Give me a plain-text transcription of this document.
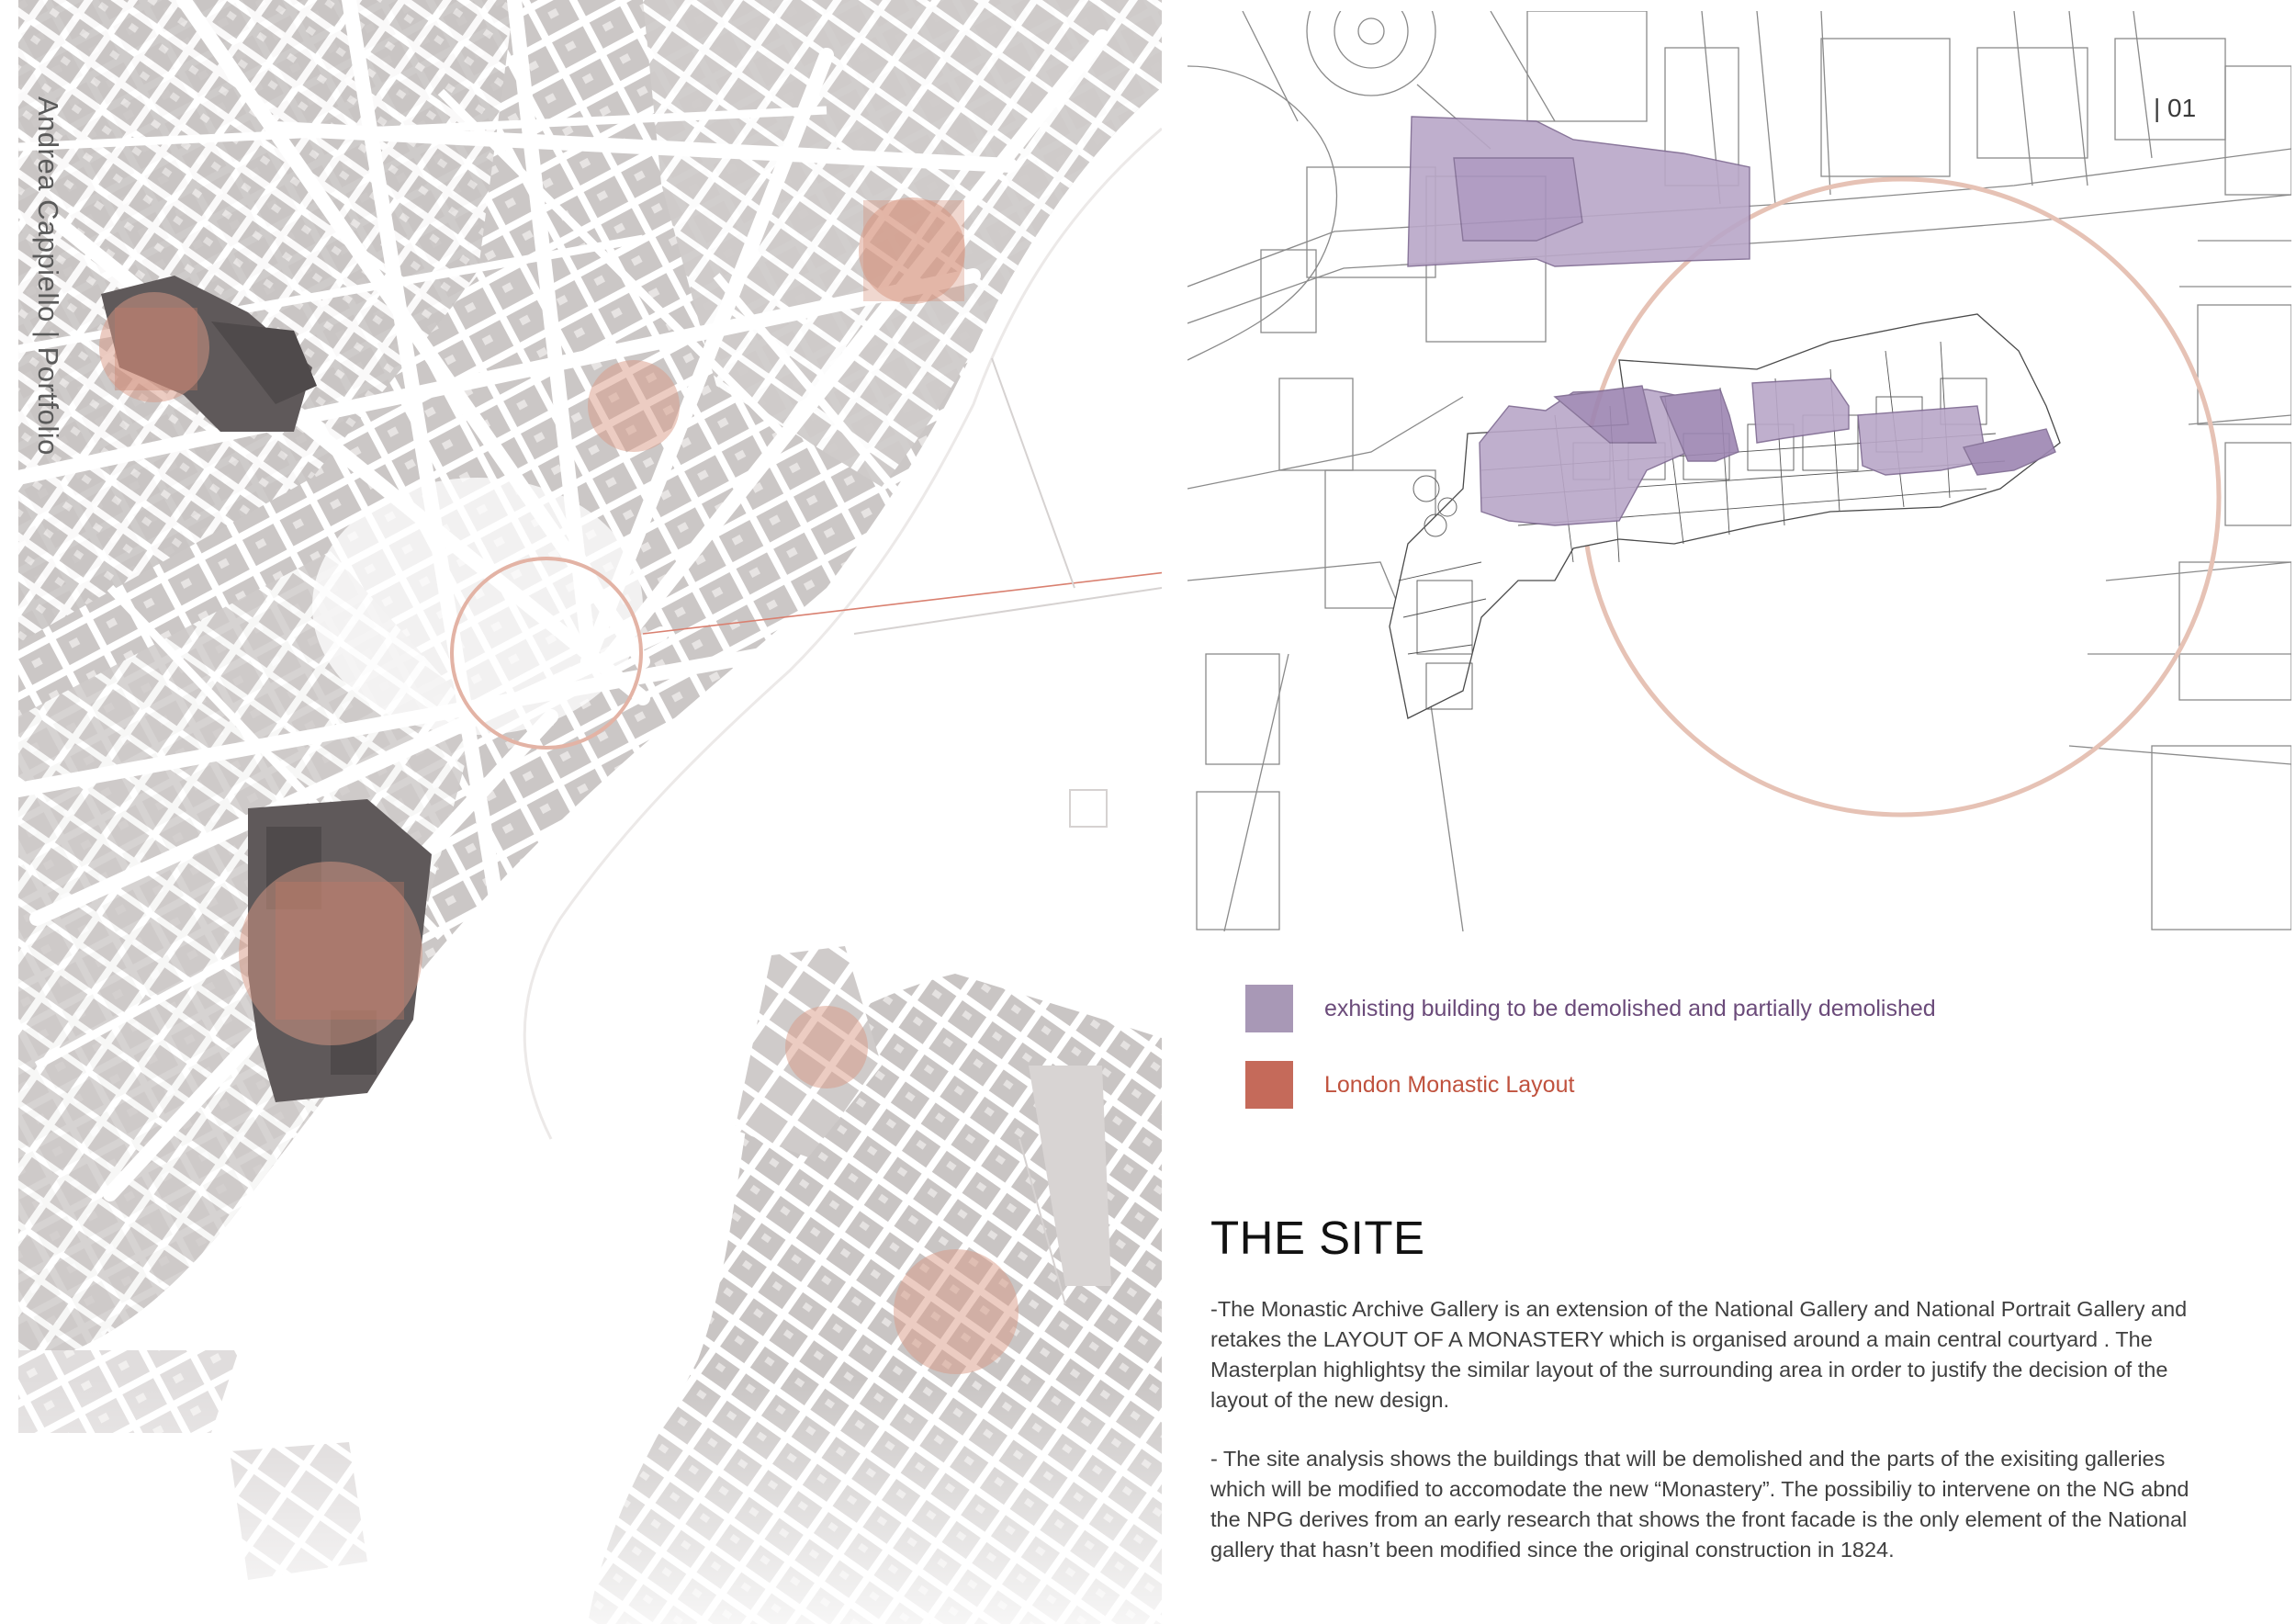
Andrea Cappiello | Portfolio	| 01
exhisting building to be demolished and partially demolished
London Monastic Layout
THE SITE

-The Monastic Archive Gallery is an extension of the National Gallery and National Portrait Gallery and retakes the LAYOUT OF A MONASTERY which is organised around a main central courtyard . The Masterplan highlightsy the similar layout of the surrounding area in order to justify the decision of the layout of the new design.

- The site analysis shows the buildings that will be demolished and the parts of the exisiting galleries which will be modified to accomodate the new “Monastery”. The possibiliy to intervene on the NG abnd the NPG derives from an early research that shows the front facade is the only element of the National gallery that hasn’t been modified since the original construction in 1824.
